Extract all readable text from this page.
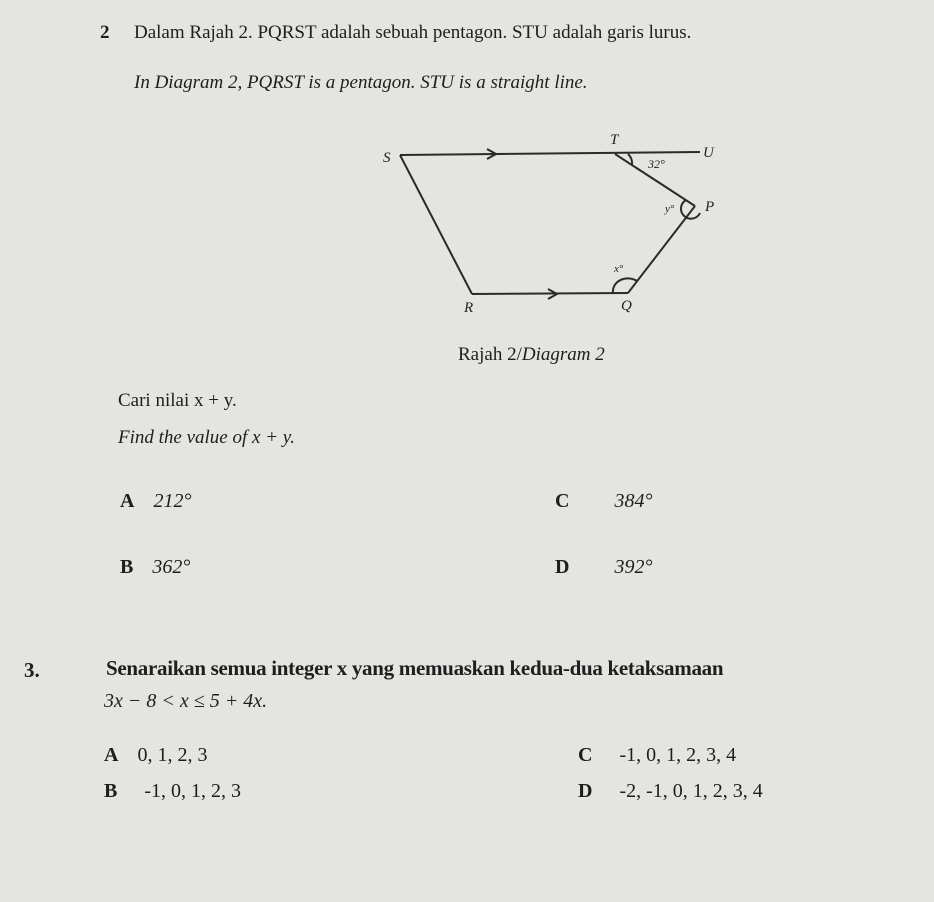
2 Dalam Rajah 2. PQRST adalah sebuah pentagon. STU adalah garis lurus.
In Diagram 2, PQRST is a pentagon. STU is a straight line.
S
T
U
P
Q
R
32°
y°
x°
Rajah 2/Diagram 2
Cari nilai x + y.
Find the value of x + y.
A 212°
B 362°
C 384°
D 392°
3.	Senaraikan semua integer x yang memuaskan kedua-dua ketaksamaan
3x − 8 < x ≤ 5 + 4x.
A 0, 1, 2, 3
B -1, 0, 1, 2, 3
C -1, 0, 1, 2, 3, 4
D -2, -1, 0, 1, 2, 3, 4
